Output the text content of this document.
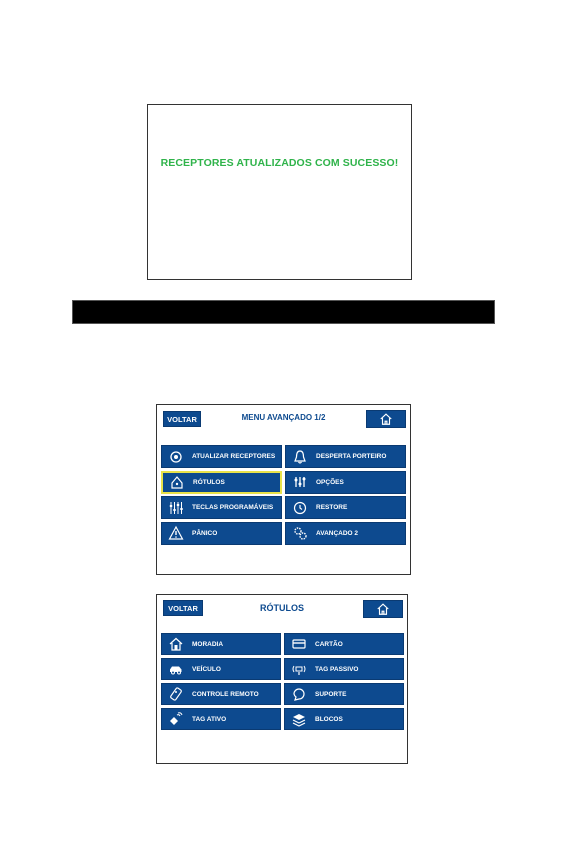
RECEPTORES ATUALIZADOS COM SUCESSO!
VOLTAR	MENU AVANÇADO 1/2
ATUALIZAR RECEPTORES	DESPERTA PORTEIRO
RÓTULOS	OPÇÕES
TECLAS PROGRAMÁVEIS	RESTORE
PÂNICO	AVANÇADO 2
VOLTAR	RÓTULOS
MORADIA	CARTÃO
VEÍCULO	TAG PASSIVO
CONTROLE REMOTO	SUPORTE
TAG ATIVO	BLOCOS
